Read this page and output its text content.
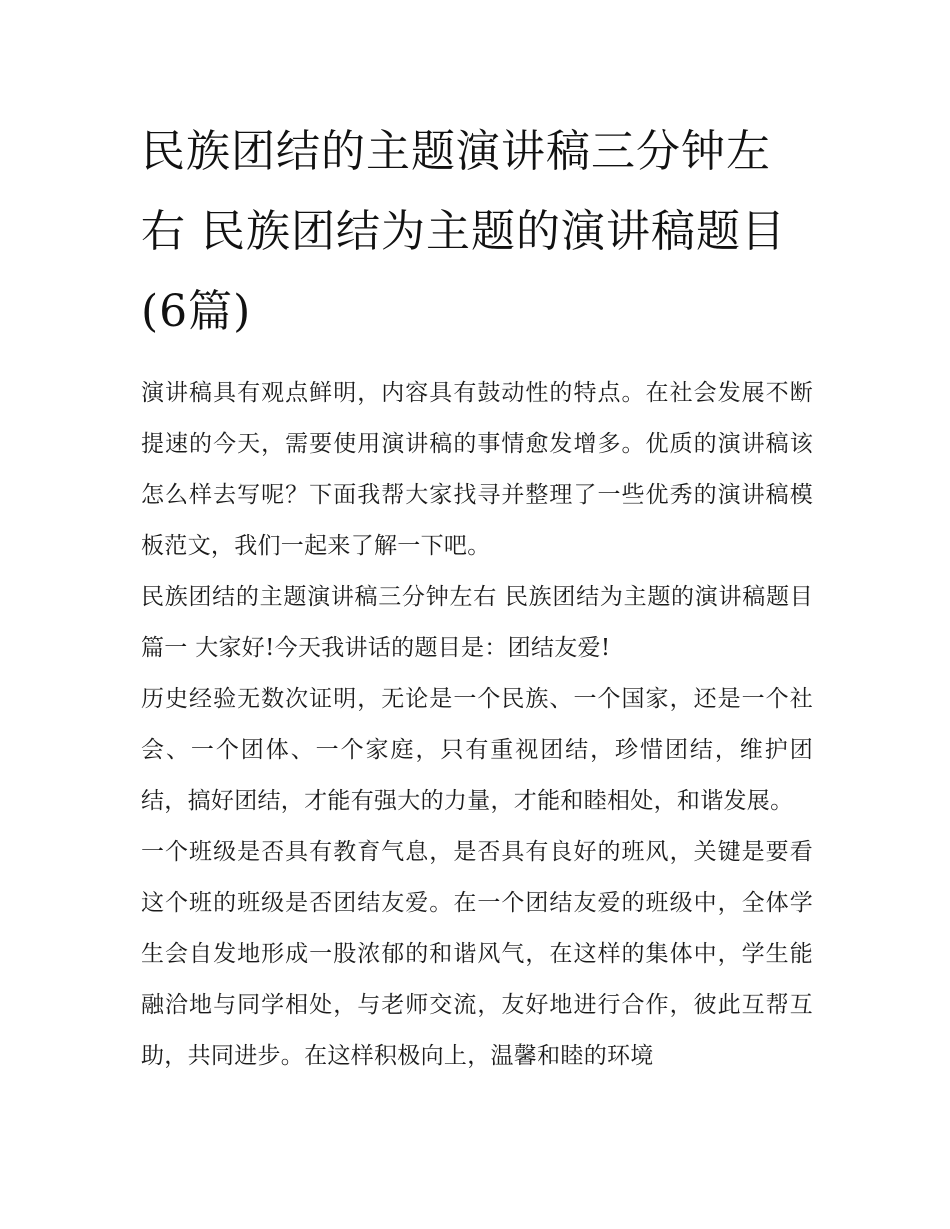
民族团结的主题演讲稿三分钟左右 民族团结为主题的演讲稿题目(6篇)

演讲稿具有观点鲜明，内容具有鼓动性的特点。在社会发展不断提速的今天，需要使用演讲稿的事情愈发增多。优质的演讲稿该怎么样去写呢？下面我帮大家找寻并整理了一些优秀的演讲稿模板范文，我们一起来了解一下吧。

民族团结的主题演讲稿三分钟左右 民族团结为主题的演讲稿题目篇一 大家好!今天我讲话的题目是：团结友爱!

历史经验无数次证明，无论是一个民族、一个国家，还是一个社会、一个团体、一个家庭，只有重视团结，珍惜团结，维护团结，搞好团结，才能有强大的力量，才能和睦相处，和谐发展。

一个班级是否具有教育气息，是否具有良好的班风，关键是要看这个班的班级是否团结友爱。在一个团结友爱的班级中，全体学生会自发地形成一股浓郁的和谐风气，在这样的集体中，学生能融洽地与同学相处，与老师交流，友好地进行合作，彼此互帮互助，共同进步。在这样积极向上，温馨和睦的环境
